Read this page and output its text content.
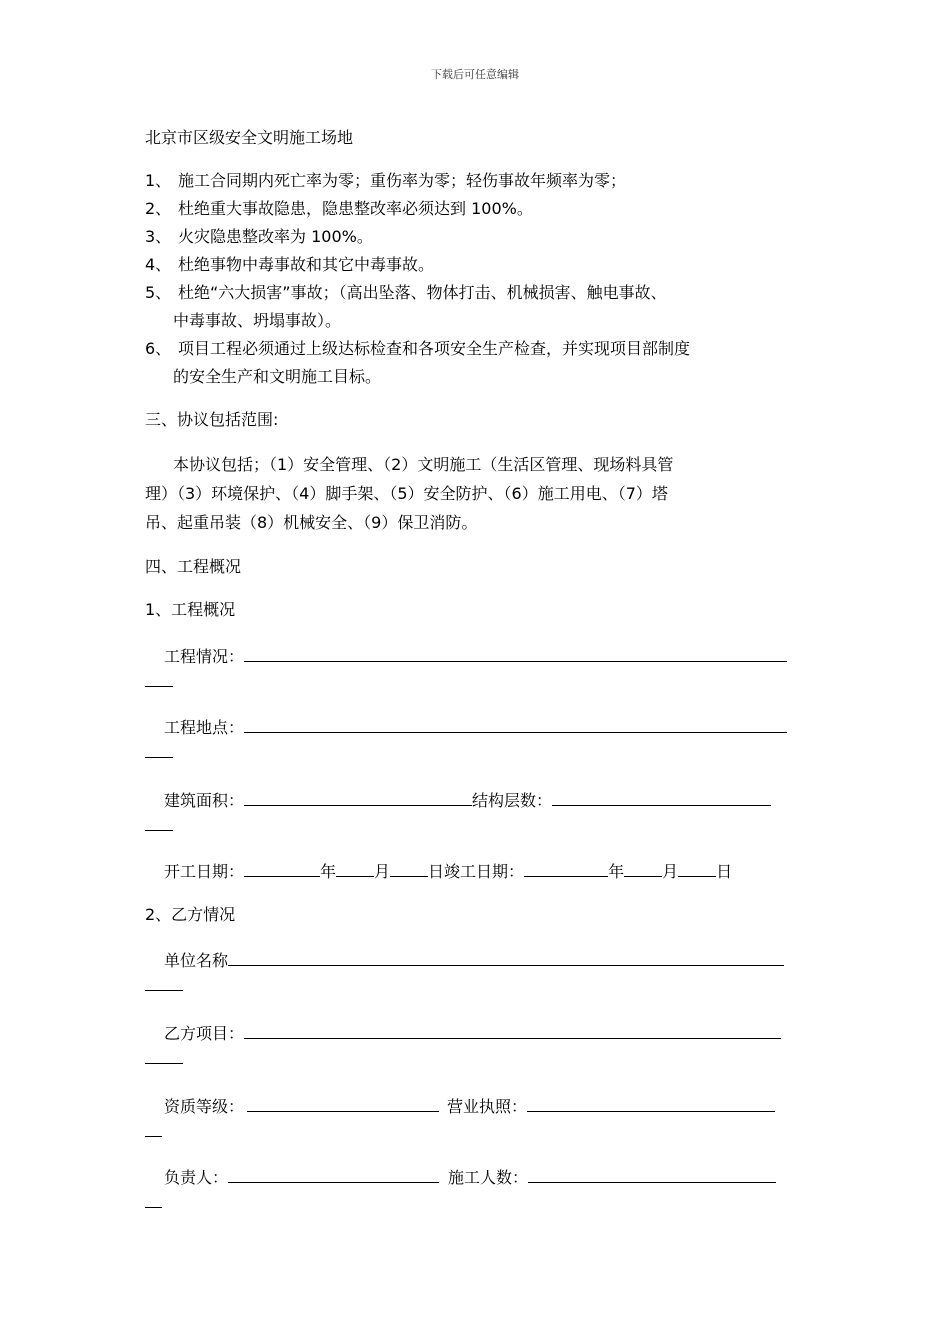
下载后可任意编辑
北京市区级安全文明施工场地
1、 施工合同期内死亡率为零；重伤率为零；轻伤事故年频率为零；
2、 杜绝重大事故隐患，隐患整改率必须达到 100%。
3、 火灾隐患整改率为 100%。
4、 杜绝事物中毒事故和其它中毒事故。
5、 杜绝“六大损害”事故；（高出坠落、物体打击、机械损害、触电事故、
中毒事故、坍塌事故）。
6、 项目工程必须通过上级达标检查和各项安全生产检查，并实现项目部制度
的安全生产和文明施工目标。
三、协议包括范围:
本协议包括；（1）安全管理、（2）文明施工（生活区管理、现场料具管
理）（3）环境保护、（4）脚手架、（5）安全防护、（6）施工用电、（7）塔
吊、起重吊装（8）机械安全、（9）保卫消防。
四、工程概况
1、工程概况
工程情况：
工程地点：
建筑面积：	结构层数：
开工日期：	年 月 日竣工日期：	年 月 日
2、乙方情况
单位名称
乙方项目：
资质等级：	营业执照：
负责人：	施工人数：
